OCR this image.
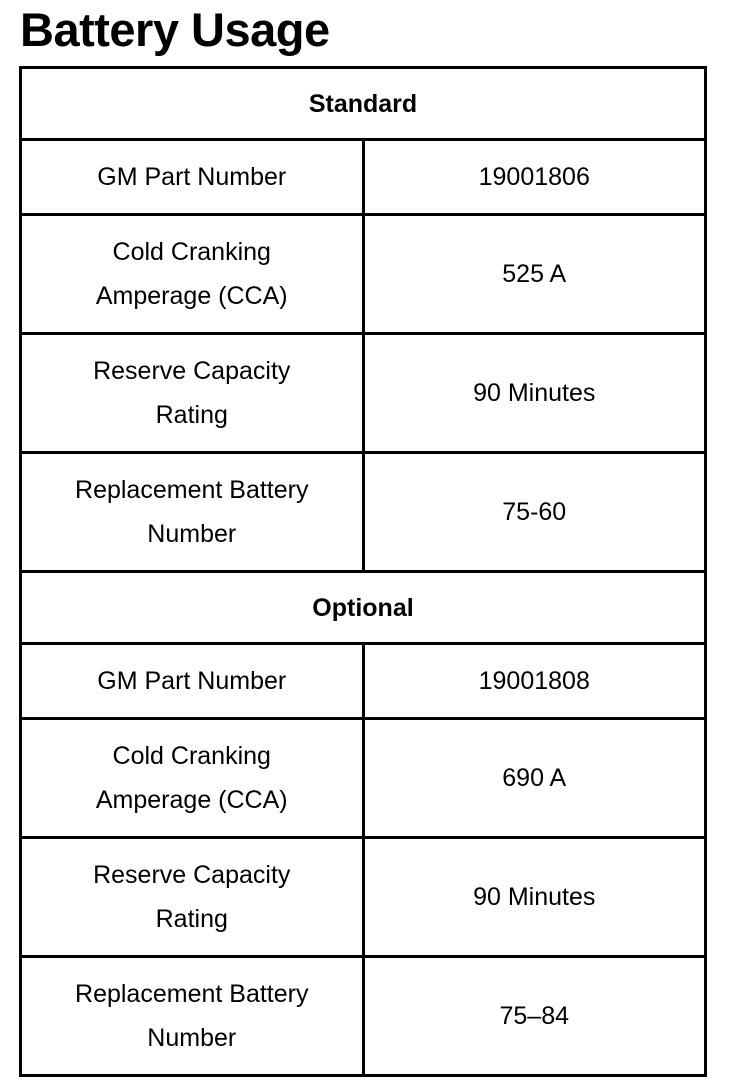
Battery Usage
Standard	
GM Part Number	19001806
Cold Cranking
Amperage (CCA)	525 A
Reserve Capacity
Rating	90 Minutes
Replacement Battery
Number	75-60
Optional	
GM Part Number	19001808
Cold Cranking
Amperage (CCA)	690 A
Reserve Capacity
Rating	90 Minutes
Replacement Battery
Number	75–84
